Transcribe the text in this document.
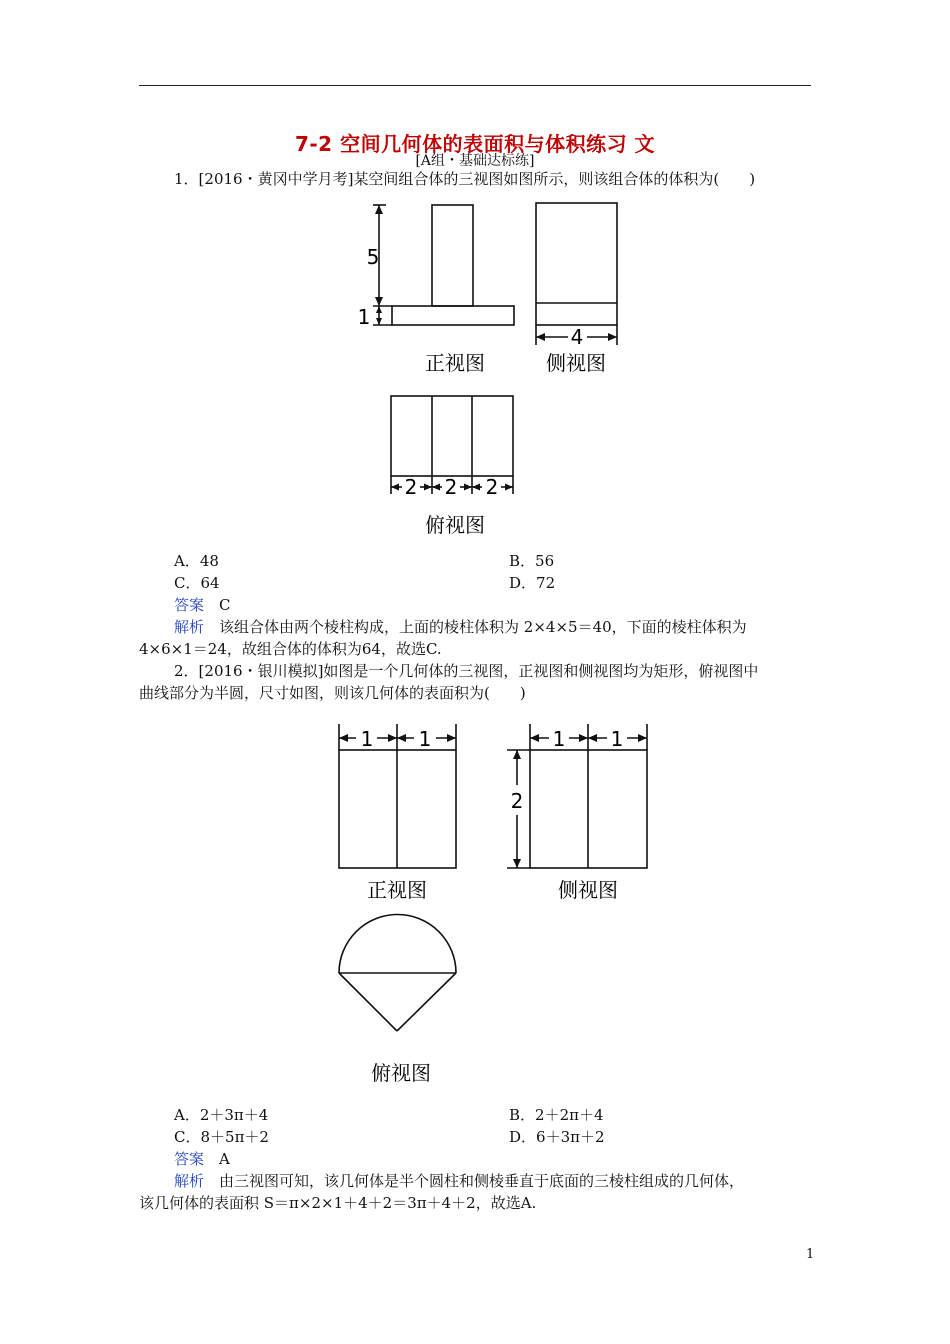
7-2 空间几何体的表面积与体积练习 文
[A组・基础达标练]
1．[2016・黄冈中学月考]某空间组合体的三视图如图所示，则该组合体的体积为(　　)
5
1
4
2 2 2
正视图	侧视图
俯视图
A．48	B．56
C．64	D．72
答案　 C
解析　 该组合体由两个棱柱构成，上面的棱柱体积为 2×4×5＝40，下面的棱柱体积为
4×6×1＝24，故组合体的体积为64，故选C.
2．[2016・银川模拟]如图是一个几何体的三视图，正视图和侧视图均为矩形，俯视图中
曲线部分为半圆，尺寸如图，则该几何体的表面积为(　　)
1 1	1 1
2
正视图	侧视图
俯视图
A．2＋3π＋4	B．2＋2π＋4
C．8＋5π＋2	D．6＋3π＋2
答案　 A
解析　 由三视图可知，该几何体是半个圆柱和侧棱垂直于底面的三棱柱组成的几何体，
该几何体的表面积 S＝π×2×1＋4＋2＝3π＋4＋2，故选A.
1
